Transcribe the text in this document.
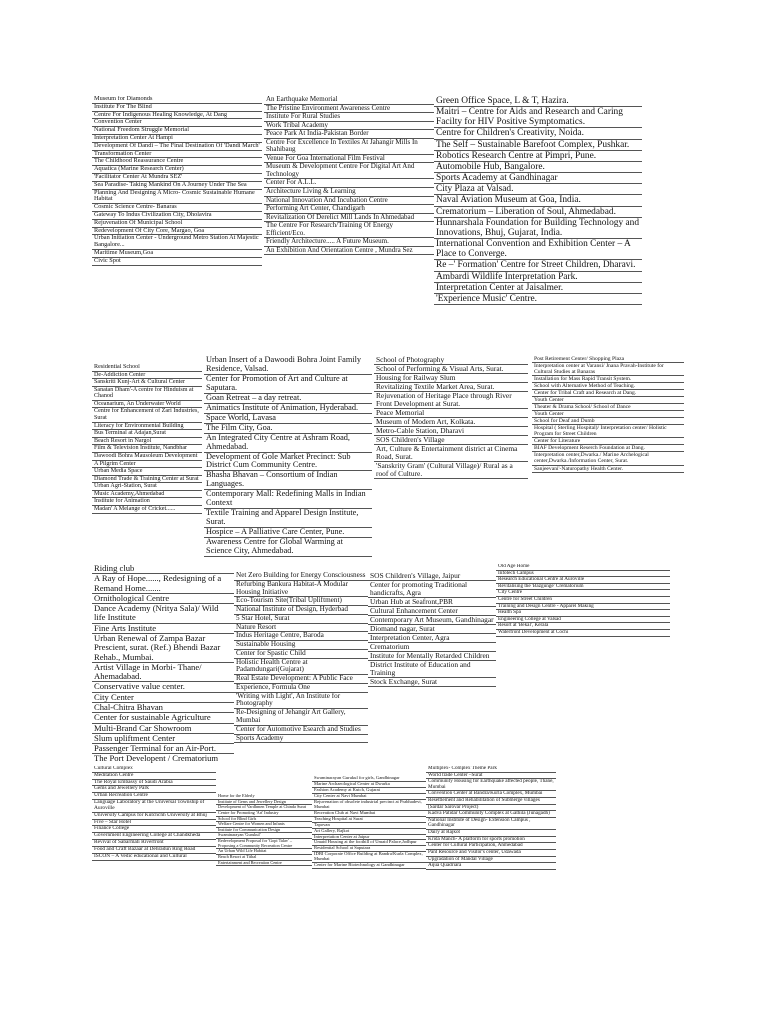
Museum for Diamonds
Institute For The Blind
Centre For Indigenous Healing Knowledge, At Dang
Convention Center
National Freedom Struggle Memorial
Interpretation Center At Hampi
Development Of Dandi – The Final Destination Of 'Dandi March'
Transformation Center
The Childhood Reassurance Centre
Aquatica (Marine Research Center)
'Facilitator Center At Mundra SEZ'
Sea Paradise- Taking Mankind On A Journey Under The Sea
Planning And Designing A Micro- Cosmic Sustainable Humane Habitat
Cosmic Science Centre- Banaras
Gateway To Indus Civilization City, Dholavira
Rejuvenation Of Municipal School
Redevelopment Of City Core, Margao, Goa
Urban Initiation Center - Underground Metro Station At Majestic Bangalore...
Maritime Museum,Goa
Civic Spot
An Earthquake Memorial
The Pristine Environment Awareness Centre
Institute For Rural Studies
Work Tribal Academy
Peace Park At India-Pakistan Border
Centre For Excellence In Textiles At Jahangir Mills In Shahibaug
Venue For Goa International Film Festival
Museum & Development Centre For Digital Art And Technology
Center For A.L.L.
Architecture Living & Learning
National Innovation And Incubation Centre
Performing Art Center, Chandigarh
Revitalization Of Derelict Mill Lands In Ahmedabad
The Centre For Research/Training Of Energy Efficient/Eco.
Friendly Architecture..... A Future Museum.
An Exhibition And Orientation Centre , Mundra Sez
Green Office Space, L & T, Hazira.
Maitri – Centre for Aids and Research and Caring Facilty for HIV Positive Symptomatics.
Centre for Children's Creativity, Noida.
The Self – Sustainable Barefoot Complex, Pushkar.
Robotics Research Centre at Pimpri, Pune.
Automobile Hub, Bangalore.
Sports Academy at Gandhinagar
City Plaza at Valsad.
Naval Aviation Museum at Goa, India.
Crematorium – Liberation of Soul, Ahmedabad.
Hunnarshala Foundation for Building Technology and Innovations, Bhuj, Gujarat, India.
International Convention and Exhibition Center – A Place to Converge.
Re –' Formation' Centre for Street Children, Dharavi.
Ambardi Wildlife Interpretation Park.
Interpretation Center at Jaisalmer.
'Experience Music' Centre.
Residential School
De-Addiction Center
Sanskriti Kunj-Art & Cultural Center
Sanatan Dham'-A centre for Hinduism at Chanod
Oceanarium, An Underwater World
Centre for Enhancement of Zari Industries, Surat
Literacy for Environmental Building
Bus Terminal at Adajan,Surat
Beach Resort in Nargol
Film & Television Institute, Nandbhar
Dawoodi Bohra Mausoleum Development
A Pilgrim Center
Urban Media Space
Diamond Trade & Training Center at Surat
Urban Agri-Station, Surat
Music Academy,Ahmedabad
Institute for Animation
Madan' A Melange of Cricket......
Urban Insert of a Dawoodi Bohra Joint Family Residence, Valsad.
Center for Promotion of Art and Culture at Saputara.
Goan Retreat – a day retreat.
Animatics Institute of Animation, Hyderabad.
Space World, Lavasa
The Film City, Goa.
An Integrated City Centre at Ashram Road, Ahmedabad.
Development of Gole Market Precinct: Sub District Cum Community Centre.
Bhasha Bhavan – Consortium of Indian Languages.
Contemporary Mall: Redefining Malls in Indian Context
Textile Training and Apparel Design Institute, Surat.
Hospice – A Palliative Care Center, Pune.
Awareness Centre for Global Warming at Science City, Ahmedabad.
School of Photography
School of Performing & Visual Arts, Surat.
Housing for Railway Slum
Revitalizing Textile Market Area, Surat.
Rejuvenation of Heritage Place through River Front Development at Surat.
Peace Memorial
Museum of Modern Art, Kolkata.
Metro-Cable Station, Dharavi
SOS Children's Village
Art, Culture & Entertainment district at Cinema Road, Surat.
'Sanskrity Gram' (Cultural Village)/ Rural as a roof of Culture.
Post Retirement Center/ Shopping Plaza
Interpretation center at Varansi/ Jnana Pravah-Institute for Cultural Studies at Banaras
Installation for Mass Rapid Transit System.
School with Alternative Method of Teaching.
Center for Tribal Craft and Research at Dang.
Youth Center
Theater & Drama School/ School of Dance
Youth Center
School for Deaf and Dumb
Hospital ( Sterling Hospital)/ Interpretation center/ Holistic Program for Street Children
Center for Literature
BIAF Development Reserch Foundation at Dang.
Interpretation center,Dwarka./ Marine Archelogical center,Dwarka./Information Center, Surat.
Sanjeevani'-Naturopathy Health Center.
Riding club
A Ray of Hope......, Redesigning of a Remand Home.......
Ornithological Centre
Dance Academy (Nritya Sala)/ Wild life Institute
Fine Arts Institute
Urban Renewal of Zampa Bazar Prescient, surat. (Ref.) Bhendi Bazar Rehab., Mumbai.
Artist Village in Morbi- Thane/ Ahemadabad.
Conservative value center.
City Center
Chal-Chitra Bhavan
Center for sustainable Agriculture
Multi-Brand Car Showroom
Slum upliftment Center
Passenger Terminal for an Air-Port.
The Port Developent / Crematorium
Net Zero Building for Energy Consciousness
Refurbing Bankura Habitat-A Modular Housing Initiative
Eco-Tourism Site(Tribal Upliftment)
National Institute of Design, Hyderbad
5 Star Hotel, Surat
Nature Resort
Indus Heritage Centre, Baroda
Sustainable Housing
Center for Spastic Child
Holistic Health Centre at Padamdungari(Gujarat)
Real Estate Development: A Public Face
Experience, Formula One
'Writing with Light', An Institute for Photography
Re-Designing of Jehangir Art Gallery, Mumbai
Center for Automotive Esearch and Studies
Sports Academy
SOS Children's Village, Jaipur
Center for promoting Traditional handicrafts, Agra
Urban Hub at Seafront,PBR
Cultural Enhancement Center
Contemporary Art Museum, Gandhinagar
Diomand nagar, Surat
Interpretation Center, Agra
Crematorium
Institute for Mentally Retarded Children
District Institute of Education and Training
Stock Exchange, Surat
Old Age Home
Infotech Campus
Research Educational Centre at Auroville
Revitalising the 'Bazgunge' Crematorium
City Centre
Centre for Street Children
Training and Design Centre - Apparel Making
Health Spa
Engineering College at Valsad
Resort at 'Bekal', Kerala
Waterfront Development at Cochi
Cultural Complex
Meditation Centre
The Royal Embassy of Saudi Arabia
Gems and Jewellery Park
Urban Recreation Centre
Language Laboratory at the Universal Township of Auroville
University Campus for Kutchchh University at Bhuj
Five – Star Hotel
Finance College
Government Engineering College at Chandkheda
Revival of Sabarmati Riverfront
Food and Craft Bazaar at Dehradun Ring Road
ISCON – A Vedic educational and Cultural
Home for the Elderly
Institute of Gems and Jewellery Design
Development of Vardhmen Temple at Chinda Surat
Centre for Promoting 'Art' Industry
School for Blind Girls
Welfare Centre for Women and Infants
Institute for Communication Design
Swaminarayan 'Gurukul'
Redevelopment Proposal for 'Gopi Talav' – Proposing a Community Recreation Centre
An Urban Wild Life Habitat
Beach Resort at Tithal
Entertainment and Recreation Centre
Swaminarayan Gurukul for girls, Gandhinagar
Marine Archaeological Center at Dwarka
Fashion Academy at Kutch, Gujarat
City Center at Navi Mumbai
Rejuvenation of obsolete industrial precinct at Prabhadevi, Mumbai
Recreation Club at Navi Mumbai
Teaching Hospital at Surat
Tapovan
Art Gallery, Rajkot
Interpretation Center at Jaipur
Umaid Housing at the foothill of Umaid Palace,Jodhpur
Residential School at Saputara
IDBI Corporate Office Building at Bandra/Kurla Complex, Mumbai
Center for Marine Biotechnology at Gandhinagar
Multiplex- Complex Theme Park
World trade Center –Surat
Community Housing for Earthquake affected people, Thane, Mumbai
Convention Center at Bandra/Kurla Complex, Mumbai
Resettlement and Rehabilitation of Submerge villages
(Sardar Sarovar Project)
Kadva Patidar Community Complex at Gathila (Junagadh)
National Institute of Design- Extension Campus , Gandhinagar
Dairy at Rajkot
Krida Manch- A platform for sports promotion
Center for Cultural Participation, Ahmedabad
Pant Resource and Visitor's center, Udawada
Upgradation of Mandal Village
Aqua Quadriara
